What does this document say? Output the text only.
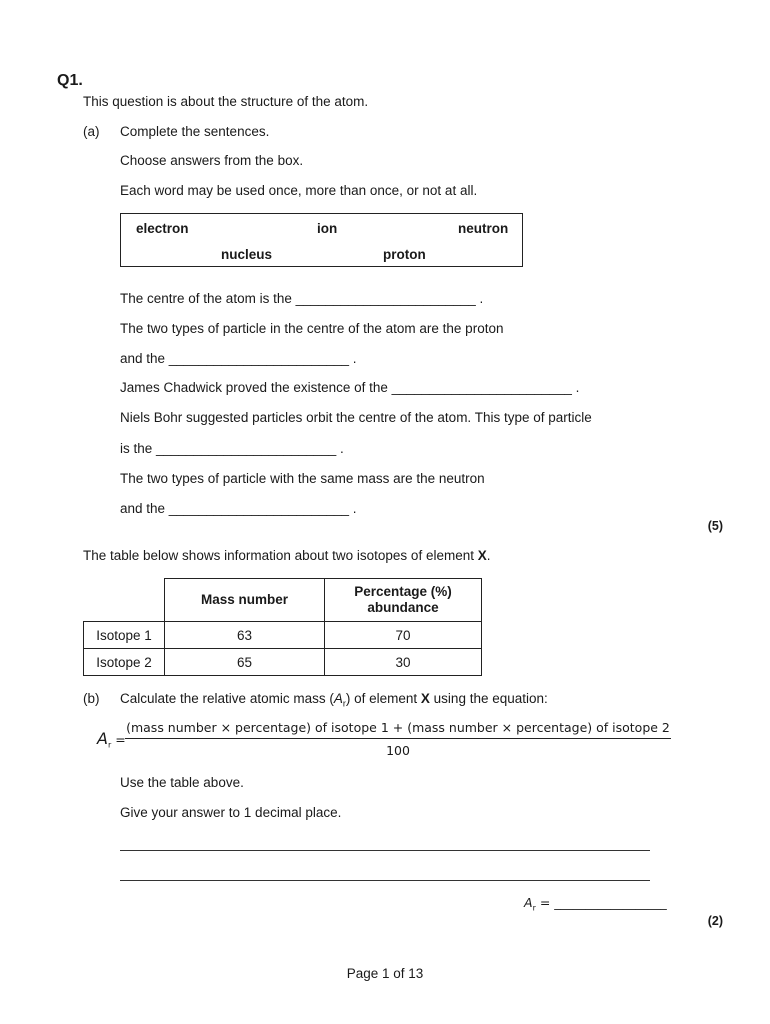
Q1.
This question is about the structure of the atom.
(a) Complete the sentences.
Choose answers from the box.
Each word may be used once, more than once, or not at all.
electron	ion	neutron
nucleus	proton
The centre of the atom is the ________________________ .
The two types of particle in the centre of the atom are the proton
and the ________________________ .
James Chadwick proved the existence of the ________________________ .
Niels Bohr suggested particles orbit the centre of the atom. This type of particle
is the ________________________ .
The two types of particle with the same mass are the neutron
and the ________________________ .
(5)
The table below shows information about two isotopes of element X.
	Mass number	Percentage (%)
abundance
Isotope 1	63	70
Isotope 2	65	30
(b) Calculate the relative atomic mass $(A_r)$ of element X using the equation:
$A_r$ =
(mass number × percentage) of isotope 1 + (mass number × percentage) of isotope 2
100
Use the table above.
Give your answer to 1 decimal place.
$A_r$ = __________________
(2)
Page 1 of 13
